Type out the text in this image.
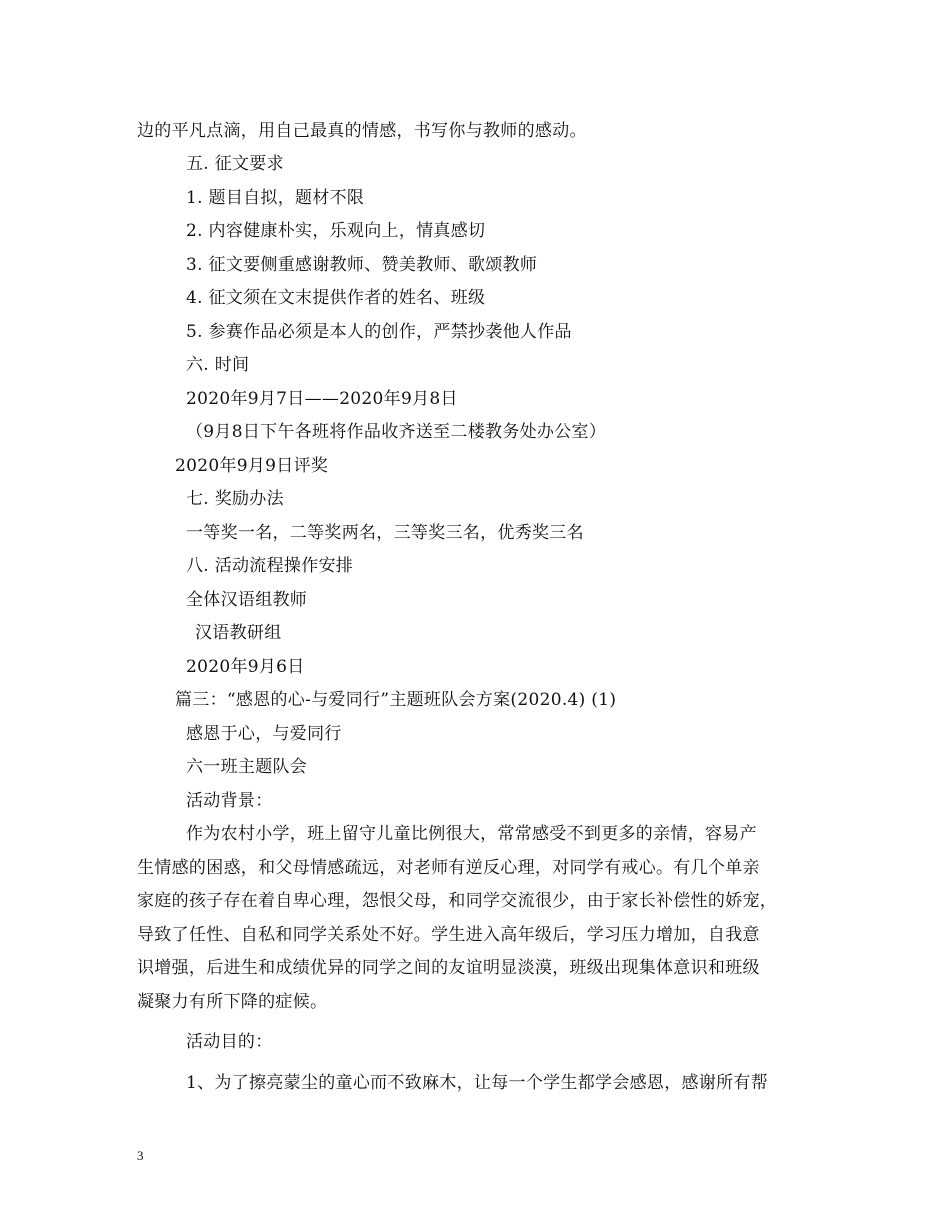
边的平凡点滴，用自己最真的情感，书写你与教师的感动。
五. 征文要求
1. 题目自拟，题材不限
2. 内容健康朴实，乐观向上，情真感切
3. 征文要侧重感谢教师、赞美教师、歌颂教师
4. 征文须在文末提供作者的姓名、班级
5. 参赛作品必须是本人的创作，严禁抄袭他人作品
六. 时间
2020年9月7日——2020年9月8日
（9月8日下午各班将作品收齐送至二楼教务处办公室）
2020年9月9日评奖
七. 奖励办法
一等奖一名，二等奖两名，三等奖三名，优秀奖三名
八. 活动流程操作安排
全体汉语组教师
汉语教研组
2020年9月6日
篇三：“感恩的心-与爱同行”主题班队会方案(2020.4) (1)
感恩于心，与爱同行
六一班主题队会
活动背景：
作为农村小学，班上留守儿童比例很大，常常感受不到更多的亲情，容易产
生情感的困惑，和父母情感疏远，对老师有逆反心理，对同学有戒心。有几个单亲
家庭的孩子存在着自卑心理，怨恨父母，和同学交流很少，由于家长补偿性的娇宠，
导致了任性、自私和同学关系处不好。学生进入高年级后，学习压力增加，自我意
识增强，后进生和成绩优异的同学之间的友谊明显淡漠，班级出现集体意识和班级
凝聚力有所下降的症候。
活动目的：
1、为了擦亮蒙尘的童心而不致麻木，让每一个学生都学会感恩，感谢所有帮
3
